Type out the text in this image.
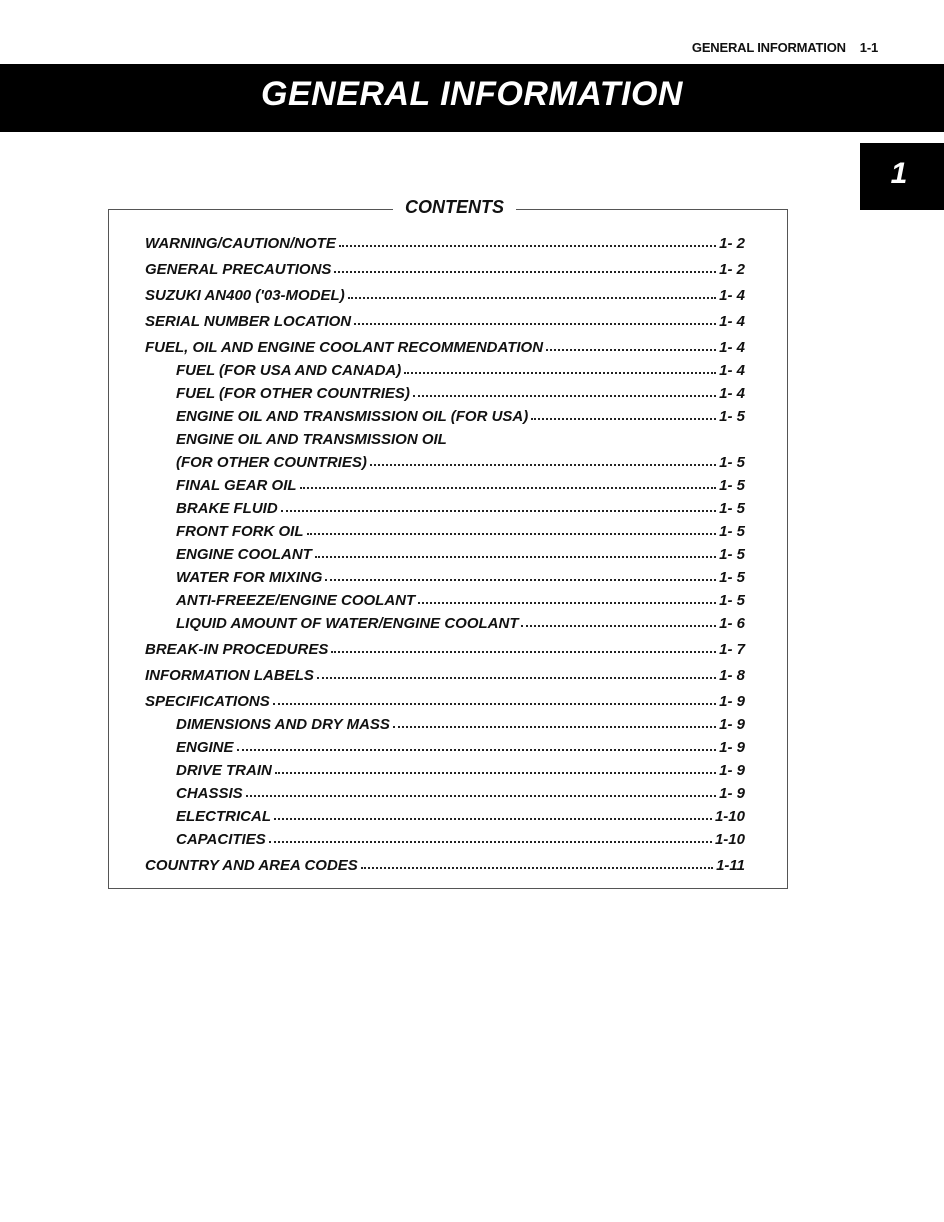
GENERAL INFORMATION 1-1
GENERAL INFORMATION
1
CONTENTS
WARNING/CAUTION/NOTE	1- 2
GENERAL PRECAUTIONS	1- 2
SUZUKI AN400 ('03-MODEL)	1- 4
SERIAL NUMBER LOCATION	1- 4
FUEL, OIL AND ENGINE COOLANT RECOMMENDATION	1- 4
FUEL (FOR USA AND CANADA)	1- 4
FUEL (FOR OTHER COUNTRIES)	1- 4
ENGINE OIL AND TRANSMISSION OIL (FOR USA)	1- 5
ENGINE OIL AND TRANSMISSION OIL
(FOR OTHER COUNTRIES)	1- 5
FINAL GEAR OIL	1- 5
BRAKE FLUID	1- 5
FRONT FORK OIL	1- 5
ENGINE COOLANT	1- 5
WATER FOR MIXING	1- 5
ANTI-FREEZE/ENGINE COOLANT	1- 5
LIQUID AMOUNT OF WATER/ENGINE COOLANT	1- 6
BREAK-IN PROCEDURES	1- 7
INFORMATION LABELS	1- 8
SPECIFICATIONS	1- 9
DIMENSIONS AND DRY MASS	1- 9
ENGINE	1- 9
DRIVE TRAIN	1- 9
CHASSIS	1- 9
ELECTRICAL	1-10
CAPACITIES	1-10
COUNTRY AND AREA CODES	1-11
